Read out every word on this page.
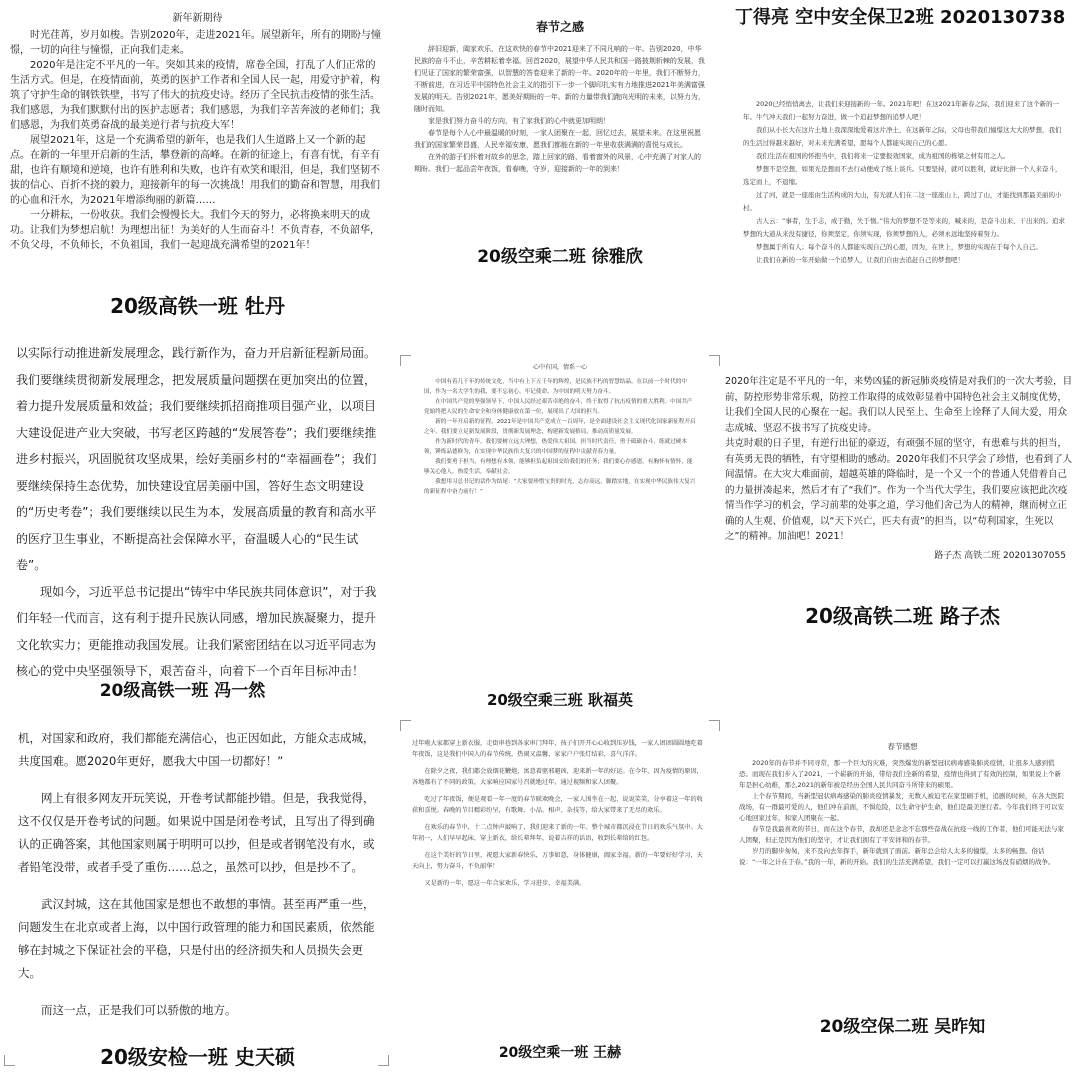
新年新期待

时光荏苒，岁月如梭。告别2020年，走进2021年。展望新年，所有的期盼与憧憬，一切的向往与憧憬，正向我们走来。

2020年是注定不平凡的一年。突如其来的疫情，席卷全国，打乱了人们正常的生活方式。但是，在疫情面前，英勇的医护工作者和全国人民一起，用爱守护着，构筑了守护生命的钢铁铁壁，书写了伟大的抗疫史诗。经历了全民抗击疫情的张生活。我们感恩，为我们默默付出的医护志愿者；我们感恩，为我们辛苦奔波的老师们；我们感恩，为我们英勇奋战的最美逆行者与抗疫大军！

展望2021年，这是一个充满希望的新年，也是我们人生道路上又一个新的起点。在新的一年里开启新的生活，攀登新的高峰。在新的征途上，有喜有忧，有辛有甜，也许有顺境和逆境，也许有胜利和失败，也许有欢笑和眼泪，但是，我们坚韧不拔的信心、百折不挠的毅力，迎接新年的每一次挑战！用我们的勤奋和智慧，用我们的心血和汗水，为2021年增添绚丽的新篇……

一分耕耘，一份收获。我们会慢慢长大。我们今天的努力，必将换来明天的成功。让我们为梦想启航！为理想出征！为美好的人生而奋斗！不负青春，不负韶华，不负父母，不负师长，不负祖国，我们一起迎战充满希望的2021年！

20级高铁一班 牡丹

春节之感

辞旧迎新，阖家欢乐，在这欢快的春节中2021迎来了不同凡响的一年。告别2020，中华民族的奋斗不止，辛苦耕耘着幸福。回首2020，展望中华人民共和国一路披荆斩棘的发展，我们见证了国家的繁荣富强，以智慧的答卷迎来了新的一年。2020年的一年里，我们不断努力，不断前进，在习近平中国特色社会主义的指引下一步一个脚印扎实有力地推进2021年美满富强发展的明天。告别2021年，愿美好期盼的一年。新的力量带我们跑向光明的未来，以努力为，随时而知。

家是我们努力奋斗的方向，有了家我们的心中就更加明朗！

春节是每个人心中最温暖的时刻，一家人团聚在一起，回忆过去，展望未来。在这里祝愿我们的国家繁荣昌盛，人民幸福安康，愿我们都能在新的一年里收获满满的喜悦与成长。

在外的游子们怀着对故乡的思念，踏上回家的路，看着窗外的风景，心中充满了对家人的期盼。我们一起品尝年夜饭，看春晚，守岁，迎接新的一年的到来！

20级空乘二班 徐雅欣
丁得亮 空中安全保卫2班 2020130738

2020已经悄悄离去，让我们来迎接新的一年。2021年吧！在这2021年新春之际，我们迎来了这个新的一年。牛气冲天我们一起努力奋进，做一个追赶梦想的追梦人吧！

我们从小长大在这片土地上我深深地爱着这片净土，在这新年之际，父母也带我们憧憬这大大的梦想，我们的生活过得越来越好，对未来充满希望，愿每个人都能实现自己的心愿。

我们生活在祖国的怀抱当中，我们将来一定要报效国家，成为祖国的栋梁之材有用之人。

梦想不是空想，如果光是想而不去行动便成了纸上谈兵。只要坚持，就可以胜利，就好比拼一个人来奋斗，选定而上，不退缩。

过了河，就是一座座由生活构成的大山，有光就人们在二这一座座山上，跨过了山，才能找到那最美丽的小村。

古人云：“事者，生于志，成于勤，失于惰。”伟大的梦想不是等来的，喊来的，是奋斗出来、干出来的。追求梦想的大道从来没有捷径，你须坚定，你须实现，你须梦想的人，必须永远地坚持着努力。

梦想属于所有人；每个奋斗的人都能实现自己的心愿，因为，在世上，梦想的实现在于每个人自己。

让我们在新的一年开始做一个追梦人，让我们自由去追赶自己的梦想吧！

以实际行动推进新发展理念，践行新作为，奋力开启新征程新局面。我们要继续贯彻新发展理念，把发展质量问题摆在更加突出的位置，着力提升发展质量和效益；我们要继续抓招商推项目强产业，以项目大建设促进产业大突破，书写老区跨越的“发展答卷”；我们要继续推进乡村振兴，巩固脱贫攻坚成果，绘好美丽乡村的“幸福画卷”；我们要继续保持生态优势，加快建设宜居美丽中国，答好生态文明建设的“历史考卷”；我们要继续以民生为本，发展高质量的教育和高水平的医疗卫生事业，不断提高社会保障水平，奋温暖人心的“民生试卷”。

现如今，习近平总书记提出“铸牢中华民族共同体意识”，对于我们年轻一代而言，这有利于提升民族认同感，增加民族凝聚力，提升文化软实力；更能推动我国发展。让我们紧密团结在以习近平同志为核心的党中央坚强领导下，艰苦奋斗，向着下一个百年目标冲击！

20级高铁一班 冯一然

心中有国，情系一心

中国有着几千年的传统文化，当中有上下五千年的辉煌，是民族不朽的智慧结晶。在以前一个时代的中国，作为一名大学生的我，要不忘初心，牢记使命，为中国的明天努力奋斗。

在中国共产党的坚强领导下，中国人民经过艰苦卓绝的奋斗，终于取得了抗击疫情的重大胜利。中国共产党始终把人民的生命安全和身体健康放在第一位，展现出了大国的担当。

新的一年开启新的征程。2021年是中国共产党成立一百周年，是全面建设社会主义现代化国家新征程开启之年。我们要立足新发展阶段，贯彻新发展理念，构建新发展格局，推动高质量发展。

作为新时代的青年，我们要树立远大理想，热爱伟大祖国，担当时代责任，勇于砥砺奋斗，练就过硬本领，锤炼品德修为，在实现中华民族伟大复兴的中国梦的征程中贡献青春力量。

我们要勇于担当，有理想有本领，能够担负起祖国交给我们的任务；我们要心存感恩，有胸怀有情怀，能够关心他人，热爱生活，奉献社会。

我想用习总书记的话作为结尾：“大家要珍惜宝贵的时光，志存高远，脚踏实地，在实现中华民族伟大复兴的新征程中奋力前行！”

20级空乘三班 耿福英

2020年注定是不平凡的一年，来势凶猛的新冠肺炎疫情是对我们的一次大考验，目前，防控形势非常乐观，防控工作取得的成效彰显着中国特色社会主义制度优势，让我们全国人民的心聚在一起。我们以人民至上、生命至上诠释了人间大爱，用众志成城、坚忍不拔书写了抗疫史诗。

共克时艰的日子里，有逆行出征的豪迈，有顽强不屈的坚守，有患难与共的担当，有英勇无畏的牺牲，有守望相助的感动。2020年我们不只学会了珍惜，也看到了人间温情。在大灾大难面前，超越英雄的降临时，是一个又一个的普通人凭借着自己的力量拼凑起来，然后才有了“我们”。作为一个当代大学生，我们要应该把此次疫情当作学习的机会，学习前辈的处事之道，学习他们舍己为人的精神，继而树立正确的人生观、价值观，以“天下兴亡，匹夫有责”的担当，以“苟利国家，生死以之”的精神。加油吧！2021！

路子杰 高铁二班 20201307055

20级高铁二班 路子杰

机，对国家和政府，我们都能充满信心，也正因如此，方能众志成城，共度国难。愿2020年更好，愿我大中国一切都好！”

网上有很多网友开玩笑说，开卷考试都能抄错。但是，我我觉得，这不仅仅是开卷考试的问题。如果说中国是闭卷考试，且写出了得到确认的正确答案，其他国家则属于明明可以抄，但是或者钢笔没有水，或者铅笔没带，或者手受了重伤……总之，虽然可以抄，但是抄不了。

武汉封城，这在其他国家是想也不敢想的事情。甚至再严重一些，问题发生在北京或者上海，以中国行政管理的能力和国民素质，依然能够在封城之下保证社会的平稳，只是付出的经济损失和人员损失会更大。

而这一点，正是我们可以骄傲的地方。

20级安检一班 史天硕

过年啦大家都穿上新衣服，走街串巷到各家串门拜年，孩子们开开心心收到压岁钱，一家人团团圆圆地吃着年夜饭，这是我们中国人的春节传统，热闹又温馨，家家户户张灯结彩，喜气洋洋。

在除夕之夜，我们都会放烟花鞭炮，寓意着驱邪避凶，迎来新一年的好运。在今年，因为疫情的原因，各地都有了不同的政策，大家响应国家号召就地过年，通过视频和家人团聚。

吃过了年夜饭，便是观看一年一度的春节联欢晚会，一家人围坐在一起，说说笑笑，分享着这一年的收获和喜悦。春晚的节目精彩纷呈，有歌舞、小品、相声、杂技等，给大家带来了无尽的欢乐。

在欢乐的春节中，十二点钟声敲响了，我们迎来了新的一年。整个城市都沉浸在节日的欢乐气氛中。大年初一，人们早早起床，穿上新衣，给长辈拜年，说着吉祥的话语，收到长辈给的红包。

在这个美好的节日里，祝愿大家新春快乐，万事如意，身体健康，阖家幸福。新的一年要好好学习，天天向上，努力奋斗，不负韶华！

又是新的一年，愿这一年合家欢乐，学习进步，幸福美满。

20级空乘一班 王赫

春节感想

2020年的春节并不同寻常，那一个巨大的灾难，突然爆发的新型冠状病毒感染肺炎疫情，让很多人感到慌恐。而现在我们步入了2021，一个崭新的开始，带给我们全新的希望，疫情也得到了有效的控制，如果说上个新年是担心幼稚，那么2021的新年被是经历全国人民共同奋斗所带来的硕果。

上个春节期间，当新型冠状病毒感染的肺炎疫情暴发，无数人被迫宅在家里刷手机，追剧的时候，在各大医院战场，有一群最可爱的人，他们冲在前面，不惧危险，以生命守护生命，他们是最美逆行者。今年我们终于可以安心地回家过年，和家人团聚在一起。

春节是我最喜欢的节日，而在这个春节，我却还是念念不忘那些奋战在抗疫一线的工作者，他们可能无法与家人团聚，但正是因为他们的坚守，才让我们拥有了平安祥和的春节。

岁月的脚步匆匆，来不及向去年挥手，新年就到了面前。新年总会给人太多的憧憬，太多的畅想。俗话说：“一年之计在于春。”我的一年，新的开始。我们的生活充满希望，我们一定可以打赢这场没有硝烟的战争。

20级空保二班 吴昨知
